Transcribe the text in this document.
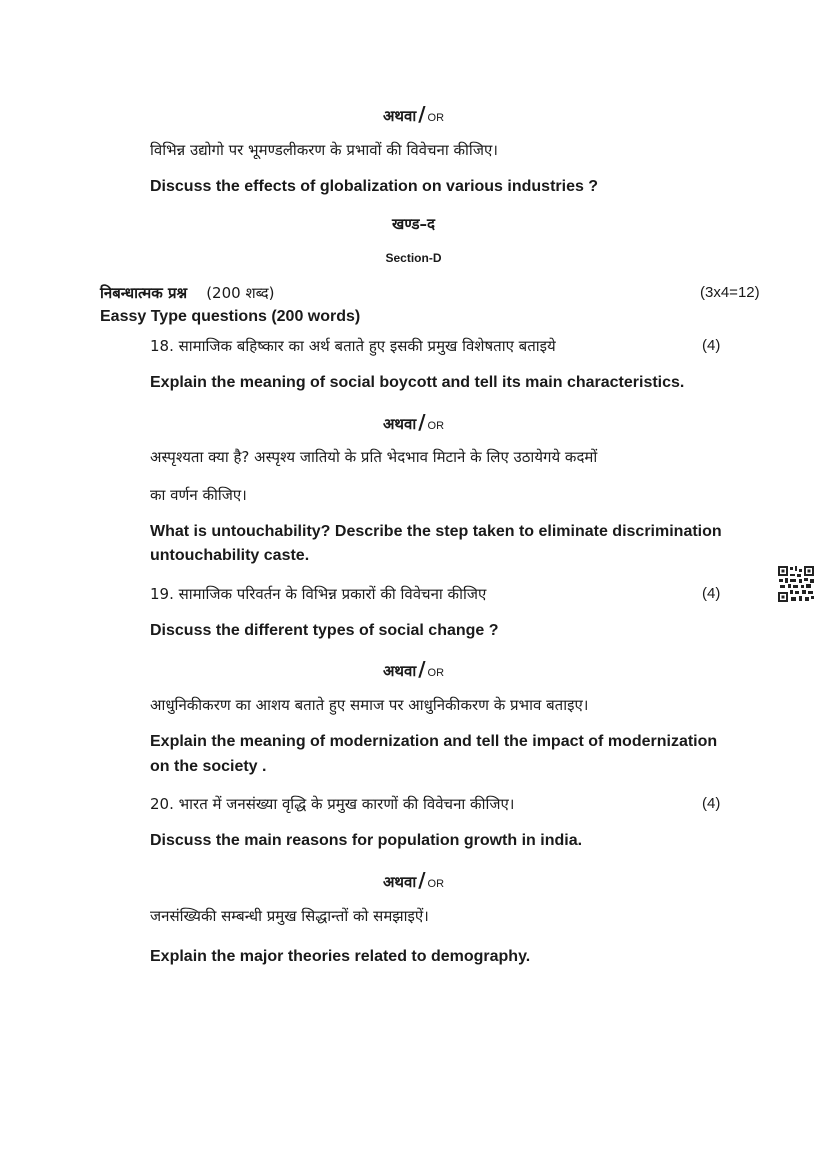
अथवा / OR
विभिन्न उद्योगो पर भूमण्डलीकरण के प्रभावों की विवेचना कीजिए।
Discuss the effects of globalization on various industries ?
खण्ड–द
Section-D
निबन्धात्मक प्रश्न (200 शब्द)	(3x4=12)
Eassy Type questions (200 words)
18. सामाजिक बहिष्कार का अर्थ बताते हुए इसकी प्रमुख विशेषताए बताइये	(4)
Explain the meaning of social boycott and tell its main characteristics.
अथवा / OR
अस्पृश्यता क्या है? अस्पृश्य जातियो के प्रति भेदभाव मिटाने के लिए उठायेगये कदमों
का वर्णन कीजिए।
What is untouchability? Describe the step taken to eliminate discrimination
untouchability caste.
19. सामाजिक परिवर्तन के विभिन्न प्रकारों की विवेचना कीजिए	(4)
Discuss the different types of social change ?
अथवा / OR
आधुनिकीकरण का आशय बताते हुए समाज पर आधुनिकीकरण के प्रभाव बताइए।
Explain the meaning of modernization and tell the impact of modernization
on the society .
20. भारत में जनसंख्या वृद्धि के प्रमुख कारणों की विवेचना कीजिए।	(4)
Discuss the main reasons for population growth in india.
अथवा / OR
जनसंख्यिकी सम्बन्धी प्रमुख सिद्धान्तों को समझाइऐं।
Explain the major theories related to demography.
